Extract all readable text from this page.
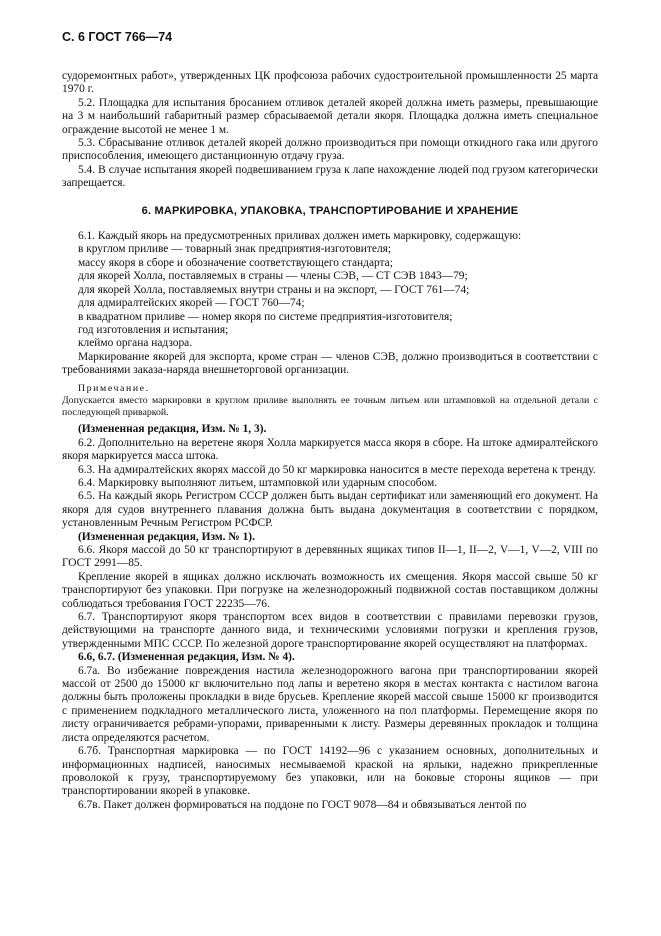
С. 6 ГОСТ 766—74

судоремонтных работ», утвержденных ЦК профсоюза рабочих судостроительной промышленности 25 марта 1970 г.

5.2. Площадка для испытания бросанием отливок деталей якорей должна иметь размеры, превышающие на 3 м наибольший габаритный размер сбрасываемой детали якоря. Площадка должна иметь специальное ограждение высотой не менее 1 м.

5.3. Сбрасывание отливок деталей якорей должно производиться при помощи откидного гака или другого приспособления, имеющего дистанционную отдачу груза.

5.4. В случае испытания якорей подвешиванием груза к лапе нахождение людей под грузом категорически запрещается.

6. МАРКИРОВКА, УПАКОВКА, ТРАНСПОРТИРОВАНИЕ И ХРАНЕНИЕ

6.1. Каждый якорь на предусмотренных приливах должен иметь маркировку, содержащую:

в круглом приливе — товарный знак предприятия-изготовителя;

массу якоря в сборе и обозначение соответствующего стандарта;

для якорей Холла, поставляемых в страны — члены СЭВ, — СТ СЭВ 1843—79;

для якорей Холла, поставляемых внутри страны и на экспорт, — ГОСТ 761—74;

для адмиралтейских якорей — ГОСТ 760—74;

в квадратном приливе — номер якоря по системе предприятия-изготовителя;

год изготовления и испытания;

клеймо органа надзора.

Маркирование якорей для экспорта, кроме стран — членов СЭВ, должно производиться в соответствии с требованиями заказа-наряда внешнеторговой организации.

Примечание.

Допускается вместо маркировки в круглом приливе выполнять ее точным литьем или штамповкой на отдельной детали с последующей приваркой.

(Измененная редакция, Изм. № 1, 3).

6.2. Дополнительно на веретене якоря Холла маркируется масса якоря в сборе. На штоке адмиралтейского якоря маркируется масса штока.

6.3. На адмиралтейских якорях массой до 50 кг маркировка наносится в месте перехода веретена к тренду.

6.4. Маркировку выполняют литьем, штамповкой или ударным способом.

6.5. На каждый якорь Регистром СССР должен быть выдан сертификат или заменяющий его документ. На якоря для судов внутреннего плавания должна быть выдана документация в соответствии с порядком, установленным Речным Регистром РСФСР.

(Измененная редакция, Изм. № 1).

6.6. Якоря массой до 50 кг транспортируют в деревянных ящиках типов II—1, II—2, V—1, V—2, VIII по ГОСТ 2991—85.

Крепление якорей в ящиках должно исключать возможность их смещения. Якоря массой свыше 50 кг транспортируют без упаковки. При погрузке на железнодорожный подвижной состав поставщиком должны соблюдаться требования ГОСТ 22235—76.

6.7. Транспортируют якоря транспортом всех видов в соответствии с правилами перевозки грузов, действующими на транспорте данного вида, и техническими условиями погрузки и крепления грузов, утвержденными МПС СССР. По железной дороге транспортирование якорей осуществляют на платформах.

6.6, 6.7. (Измененная редакция, Изм. № 4).

6.7а. Во избежание повреждения настила железнодорожного вагона при транспортировании якорей массой от 2500 до 15000 кг включительно под лапы и веретено якоря в местах контакта с настилом вагона должны быть проложены прокладки в виде брусьев. Крепление якорей массой свыше 15000 кг производится с применением подкладного металлического листа, уложенного на пол платформы. Перемещение якоря по листу ограничивается ребрами-упорами, приваренными к листу. Размеры деревянных прокладок и толщина листа определяются расчетом.

6.7б. Транспортная маркировка — по ГОСТ 14192—96 с указанием основных, дополнительных и информационных надписей, наносимых несмываемой краской на ярлыки, надежно прикрепленные проволокой к грузу, транспортируемому без упаковки, или на боковые стороны ящиков — при транспортировании якорей в упаковке.

6.7в. Пакет должен формироваться на поддоне по ГОСТ 9078—84 и обвязываться лентой по
